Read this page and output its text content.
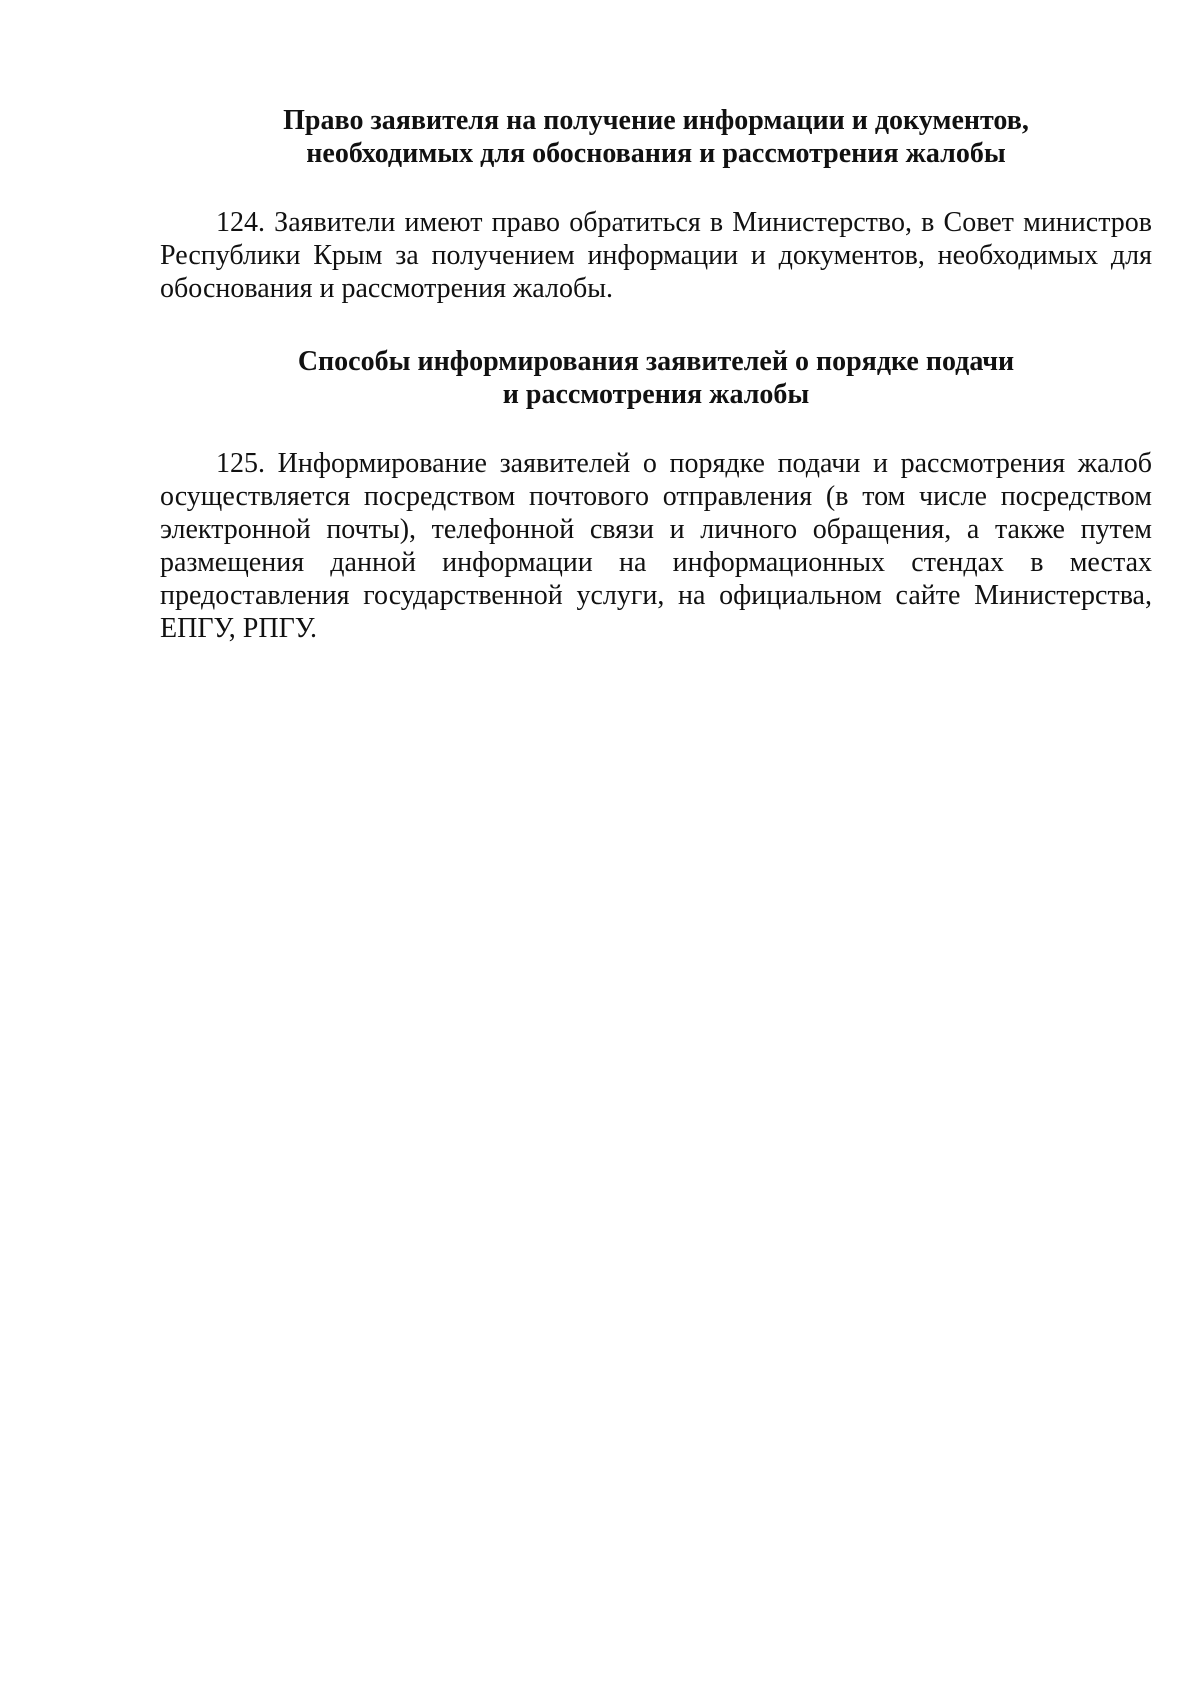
Право заявителя на получение информации и документов,
необходимых для обоснования и рассмотрения жалобы

124. Заявители имеют право обратиться в Министерство, в Совет министров Республики Крым за получением информации и документов, необходимых для обоснования и рассмотрения жалобы.

Способы информирования заявителей о порядке подачи
и рассмотрения жалобы

125. Информирование заявителей о порядке подачи и рассмотрения жалоб осуществляется посредством почтового отправления (в том числе посредством электронной почты), телефонной связи и личного обращения, а также путем размещения данной информации на информационных стендах в местах предоставления государственной услуги, на официальном сайте Министерства, ЕПГУ, РПГУ.
